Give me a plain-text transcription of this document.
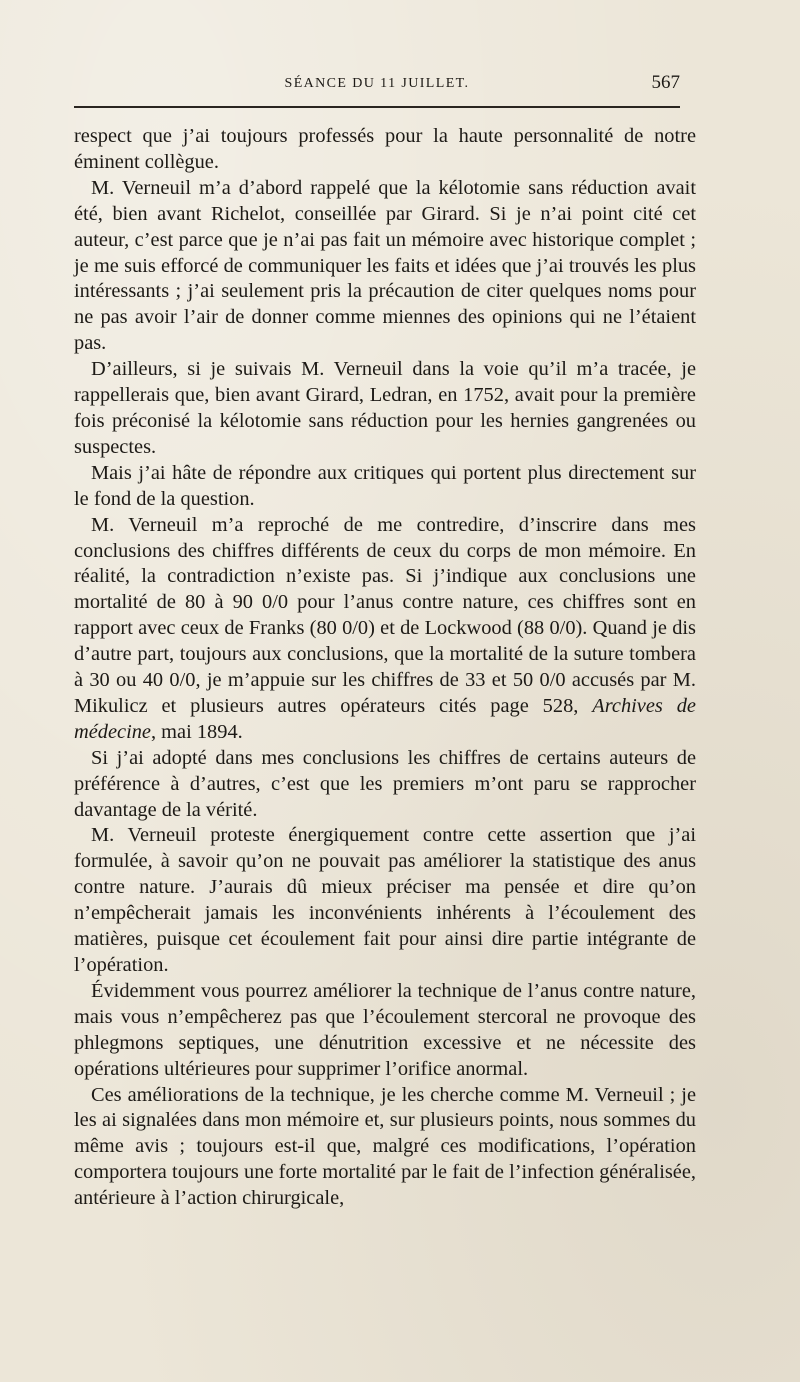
SÉANCE DU 11 JUILLET.	567

respect que j’ai toujours professés pour la haute personnalité de notre éminent collègue.

M. Verneuil m’a d’abord rappelé que la kélotomie sans réduction avait été, bien avant Richelot, conseillée par Girard. Si je n’ai point cité cet auteur, c’est parce que je n’ai pas fait un mémoire avec historique complet ; je me suis efforcé de communiquer les faits et idées que j’ai trouvés les plus intéressants ; j’ai seulement pris la précaution de citer quelques noms pour ne pas avoir l’air de donner comme miennes des opinions qui ne l’étaient pas.

D’ailleurs, si je suivais M. Verneuil dans la voie qu’il m’a tracée, je rappellerais que, bien avant Girard, Ledran, en 1752, avait pour la première fois préconisé la kélotomie sans réduction pour les hernies gangrenées ou suspectes.

Mais j’ai hâte de répondre aux critiques qui portent plus directement sur le fond de la question.

M. Verneuil m’a reproché de me contredire, d’inscrire dans mes conclusions des chiffres différents de ceux du corps de mon mémoire. En réalité, la contradiction n’existe pas. Si j’indique aux conclusions une mortalité de 80 à 90 0/0 pour l’anus contre nature, ces chiffres sont en rapport avec ceux de Franks (80 0/0) et de Lockwood (88 0/0). Quand je dis d’autre part, toujours aux conclusions, que la mortalité de la suture tombera à 30 ou 40 0/0, je m’appuie sur les chiffres de 33 et 50 0/0 accusés par M. Mikulicz et plusieurs autres opérateurs cités page 528, Archives de médecine, mai 1894.

Si j’ai adopté dans mes conclusions les chiffres de certains auteurs de préférence à d’autres, c’est que les premiers m’ont paru se rapprocher davantage de la vérité.

M. Verneuil proteste énergiquement contre cette assertion que j’ai formulée, à savoir qu’on ne pouvait pas améliorer la statistique des anus contre nature. J’aurais dû mieux préciser ma pensée et dire qu’on n’empêcherait jamais les inconvénients inhérents à l’écoulement des matières, puisque cet écoulement fait pour ainsi dire partie intégrante de l’opération.

Évidemment vous pourrez améliorer la technique de l’anus contre nature, mais vous n’empêcherez pas que l’écoulement stercoral ne provoque des phlegmons septiques, une dénutrition excessive et ne nécessite des opérations ultérieures pour supprimer l’orifice anormal.

Ces améliorations de la technique, je les cherche comme M. Verneuil ; je les ai signalées dans mon mémoire et, sur plusieurs points, nous sommes du même avis ; toujours est-il que, malgré ces modifications, l’opération comportera toujours une forte mortalité par le fait de l’infection généralisée, antérieure à l’action chirurgicale,
